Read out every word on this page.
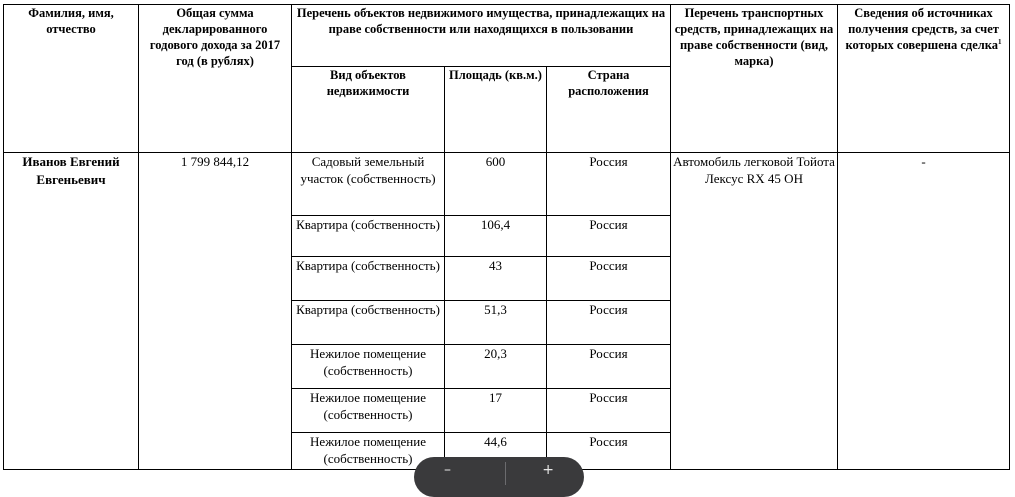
Фамилия, имя, отчество	Общая сумма декларированного годового дохода за 2017 год (в рублях)	Перечень объектов недвижимого имущества, принадлежащих на праве собственности или находящихся в пользовании			Перечень транспортных средств, принадлежащих на праве собственности (вид, марка)	Сведения об источниках получения средств, за счет которых совершена сделка$^1$
		Вид объектов недвижимости	Площадь (кв.м.)	Страна расположения		
Иванов Евгений Евгеньевич	1 799 844,12	Садовый земельный участок (собственность)	600	Россия	Автомобиль легковой Тойота Лексус RX 45 OH	-
		Квартира (собственность)	106,4	Россия		
		Квартира (собственность)	43	Россия		
		Квартира (собственность)	51,3	Россия		
		Нежилое помещение (собственность)	20,3	Россия		
		Нежилое помещение (собственность)	17	Россия		
		Нежилое помещение (собственность)	44,6	Россия		
–	+
